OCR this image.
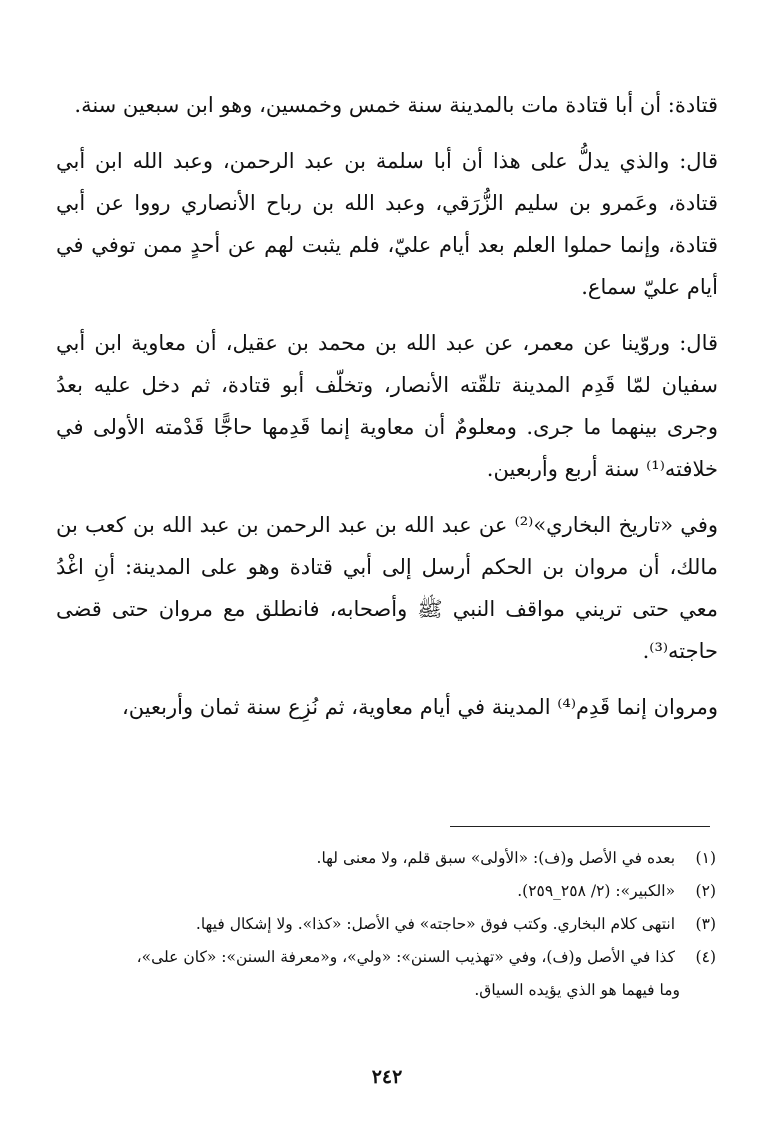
قتادة: أن أبا قتادة مات بالمدينة سنة خمس وخمسين، وهو ابن سبعين سنة.

قال: والذي يدلُّ على هذا أن أبا سلمة بن عبد الرحمن، وعبد الله ابن أبي قتادة، وعَمرو بن سليم الزُّرَقي، وعبد الله بن رباح الأنصاري رووا عن أبي قتادة، وإنما حملوا العلم بعد أيام عليّ، فلم يثبت لهم عن أحدٍ ممن توفي في أيام عليّ سماع.

قال: وروّينا عن معمر، عن عبد الله بن محمد بن عقيل، أن معاوية ابن أبي سفيان لمّا قَدِم المدينة تلقّته الأنصار، وتخلّف أبو قتادة، ثم دخل عليه بعدُ وجرى بينهما ما جرى. ومعلومٌ أن معاوية إنما قَدِمها حاجًّا قَدْمته الأولى في خلافته⁽¹⁾ سنة أربع وأربعين.

وفي «تاريخ البخاري»⁽²⁾ عن عبد الله بن عبد الرحمن بن عبد الله بن كعب بن مالك، أن مروان بن الحكم أرسل إلى أبي قتادة وهو على المدينة: أنِ اغْدُ معي حتى تريني مواقف النبي ﷺ وأصحابه، فانطلق مع مروان حتى قضى حاجته⁽³⁾.

ومروان إنما قَدِم⁽⁴⁾ المدينة في أيام معاوية، ثم نُزِع سنة ثمان وأربعين،

(١) بعده في الأصل و(ف): «الأولى» سبق قلم، ولا معنى لها.

(٢) «الكبير»: (٢/ ٢٥٨_٢٥٩).

(٣) انتهى كلام البخاري. وكتب فوق «حاجته» في الأصل: «كذا». ولا إشكال فيها.

(٤) كذا في الأصل و(ف)، وفي «تهذيب السنن»: «ولي»، و«معرفة السنن»: «كان على»،
وما فيهما هو الذي يؤيده السياق.

٢٤٢
